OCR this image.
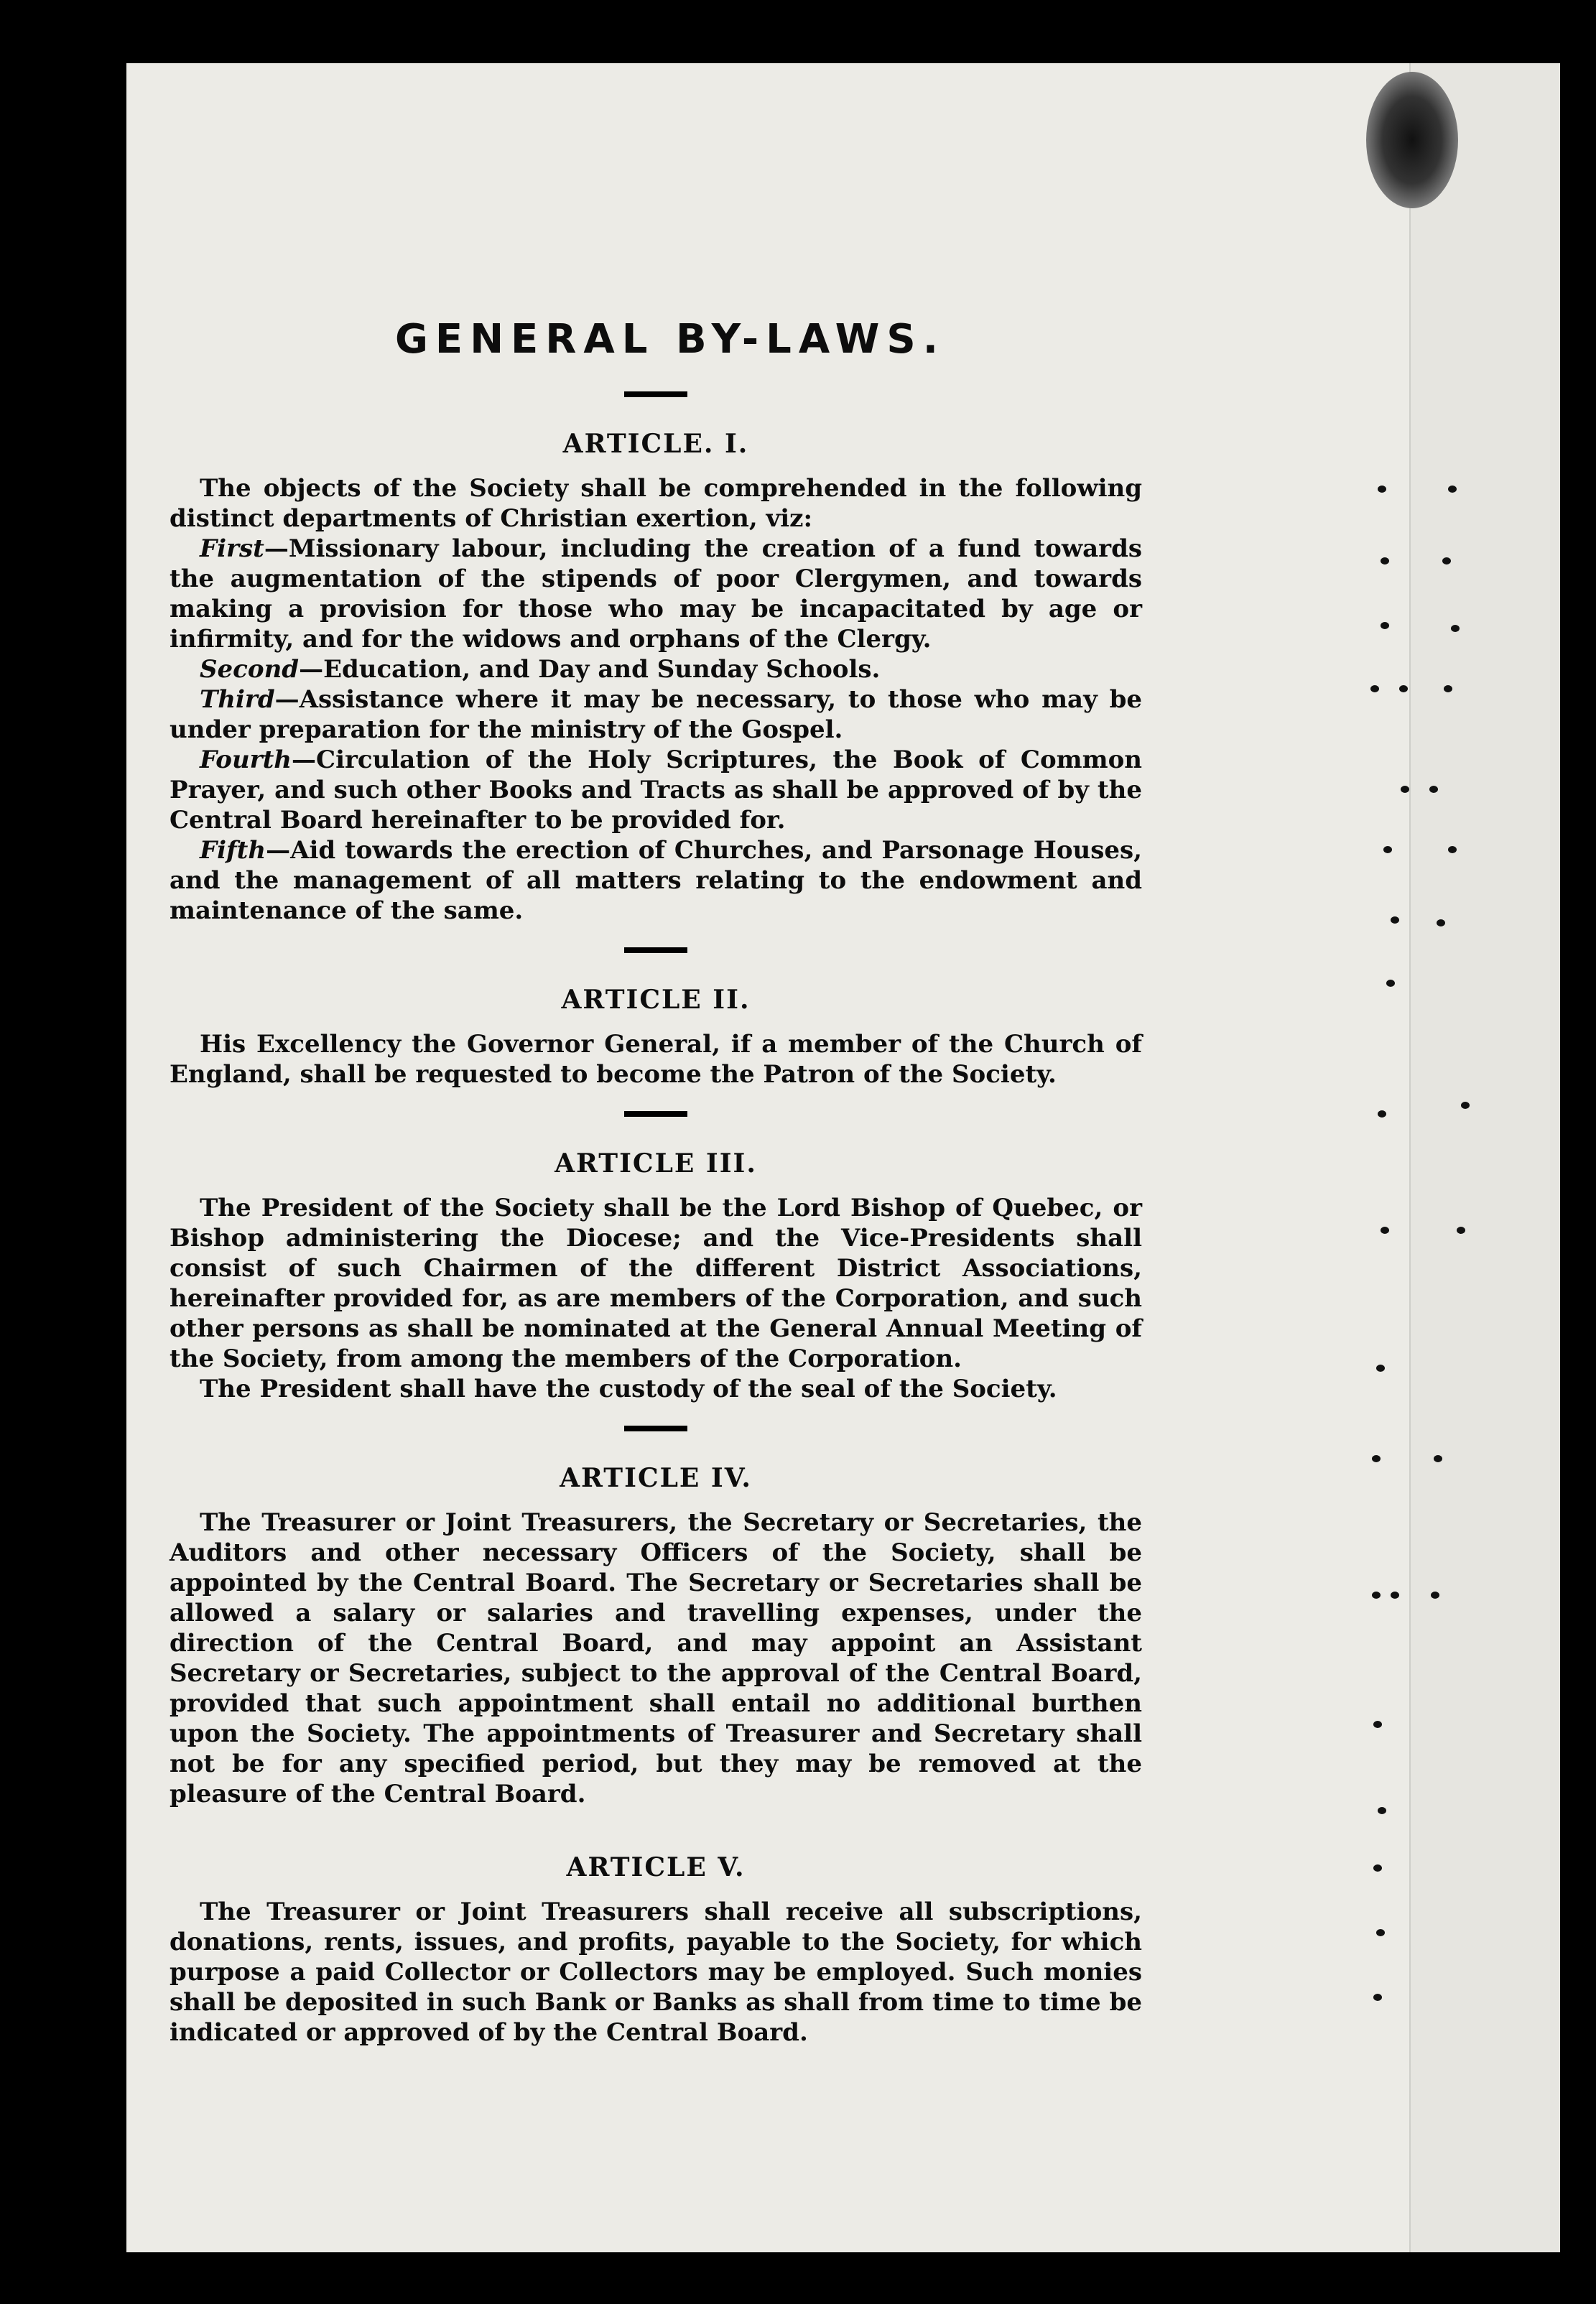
GENERAL BY-LAWS.
ARTICLE. I.

The objects of the Society shall be comprehended in the following distinct departments of Christian exertion, viz:

First—Missionary labour, including the creation of a fund towards the augmentation of the stipends of poor Clergymen, and towards making a provision for those who may be incapacitated by age or infirmity, and for the widows and orphans of the Clergy.

Second—Education, and Day and Sunday Schools.

Third—Assistance where it may be necessary, to those who may be under preparation for the ministry of the Gospel.

Fourth—Circulation of the Holy Scriptures, the Book of Common Prayer, and such other Books and Tracts as shall be approved of by the Central Board hereinafter to be provided for.

Fifth—Aid towards the erection of Churches, and Parsonage Houses, and the management of all matters relating to the endowment and maintenance of the same.

ARTICLE II.

His Excellency the Governor General, if a member of the Church of England, shall be requested to become the Patron of the Society.

ARTICLE III.

The President of the Society shall be the Lord Bishop of Quebec, or Bishop administering the Diocese; and the Vice-Presidents shall consist of such Chairmen of the different District Associations, hereinafter provided for, as are members of the Corporation, and such other persons as shall be nominated at the General Annual Meeting of the Society, from among the members of the Corporation.

The President shall have the custody of the seal of the Society.

ARTICLE IV.

The Treasurer or Joint Treasurers, the Secretary or Secretaries, the Auditors and other necessary Officers of the Society, shall be appointed by the Central Board. The Secretary or Secretaries shall be allowed a salary or salaries and travelling expenses, under the direction of the Central Board, and may appoint an Assistant Secretary or Secretaries, subject to the approval of the Central Board, provided that such appointment shall entail no additional burthen upon the Society. The appointments of Treasurer and Secretary shall not be for any specified period, but they may be removed at the pleasure of the Central Board.

ARTICLE V.

The Treasurer or Joint Treasurers shall receive all subscriptions, donations, rents, issues, and profits, payable to the Society, for which purpose a paid Collector or Collectors may be employed. Such monies shall be deposited in such Bank or Banks as shall from time to time be indicated or approved of by the Central Board.
